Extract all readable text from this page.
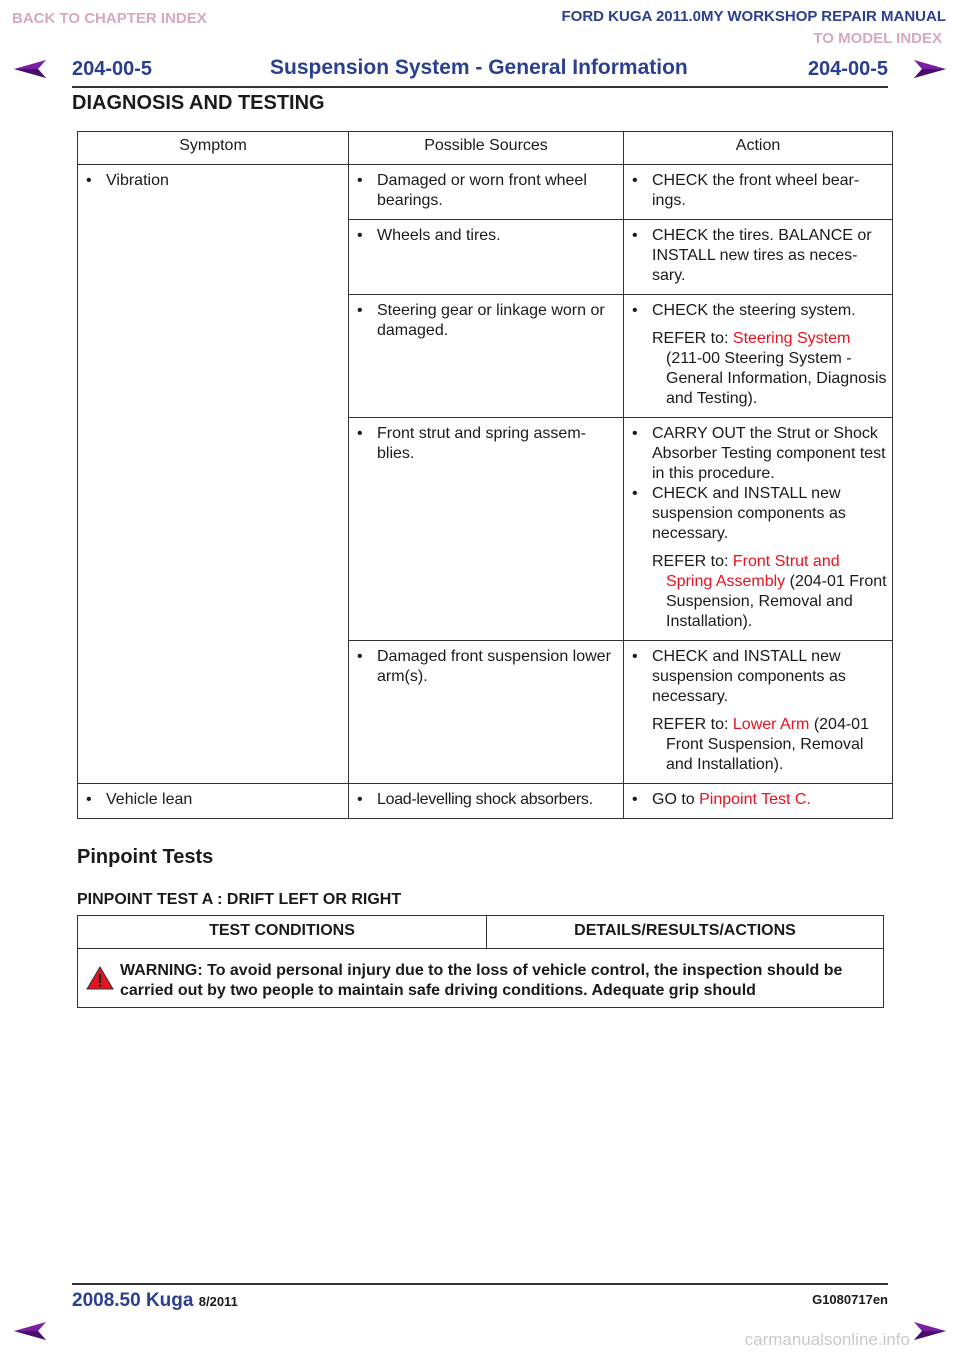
BACK TO CHAPTER INDEX	FORD KUGA 2011.0MY WORKSHOP REPAIR MANUAL
TO MODEL INDEX
204-00-5	Suspension System - General Information	204-00-5
DIAGNOSIS AND TESTING
Symptom	Possible Sources	Action

• Vibration	• Damaged or worn front wheel bearings.	• CHECK the front wheel bear- ings.

	• Wheels and tires.	• CHECK the tires. BALANCE or INSTALL new tires as neces- sary.

	• Steering gear or linkage worn or damaged.	• CHECK the steering system.
REFER to: Steering System (211-00 Steering System - General Information, Diagnosis and Testing).

	• Front strut and spring assem- blies.	• CARRY OUT the Strut or Shock Absorber Testing component test in this procedure.
• CHECK and INSTALL new suspension components as necessary.
REFER to: Front Strut and Spring Assembly (204-01 Front Suspension, Removal and Installation).

	• Damaged front suspension lower arm(s).	• CHECK and INSTALL new suspension components as necessary.
REFER to: Lower Arm (204-01 Front Suspension, Removal and Installation).

• Vehicle lean	• Load-levelling shock absorbers.	• GO to Pinpoint Test C.
Pinpoint Tests
PINPOINT TEST A : DRIFT LEFT OR RIGHT
TEST CONDITIONS	DETAILS/RESULTS/ACTIONS

WARNING: To avoid personal injury due to the loss of vehicle control, the inspection should be carried out by two people to maintain safe driving conditions. Adequate grip should
2008.50 Kuga 8/2011	G1080717en
carmanualsonline.info
